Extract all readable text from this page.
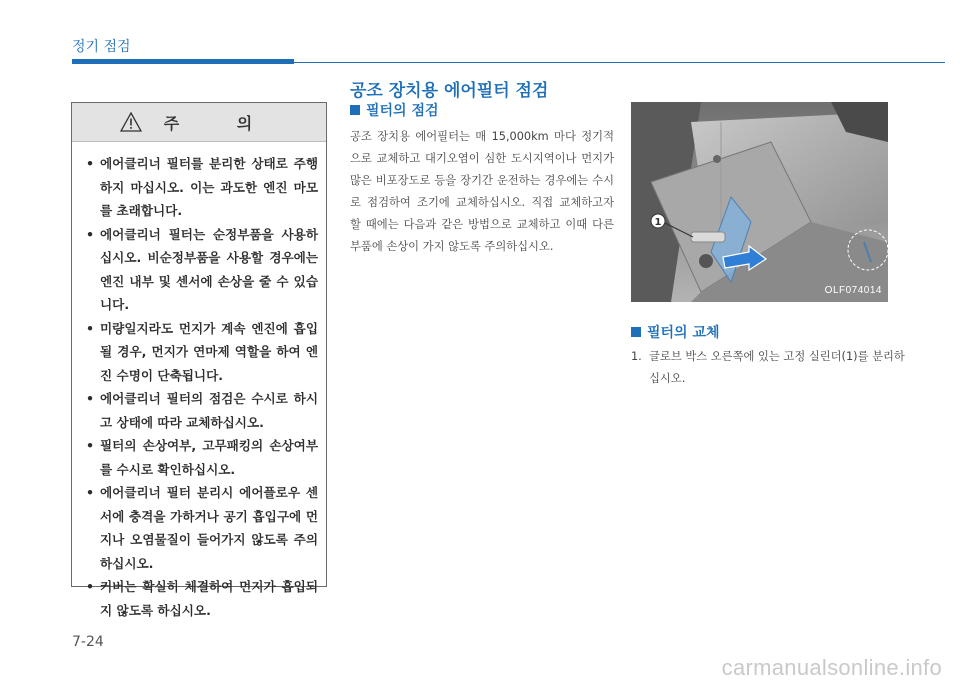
정기 점검
주 의
• 에어클리너 필터를 분리한 상태로 주행하지 마십시오. 이는 과도한 엔진 마모를 초래합니다.
• 에어클리너 필터는 순정부품을 사용하십시오. 비순정부품을 사용할 경우에는 엔진 내부 및 센서에 손상을 줄 수 있습니다.
• 미량일지라도 먼지가 계속 엔진에 흡입될 경우, 먼지가 연마제 역할을 하여 엔진 수명이 단축됩니다.
• 에어클리너 필터의 점검은 수시로 하시고 상태에 따라 교체하십시오.
• 필터의 손상여부, 고무패킹의 손상여부를 수시로 확인하십시오.
• 에어클리너 필터 분리시 에어플로우 센서에 충격을 가하거나 공기 흡입구에 먼지나 오염물질이 들어가지 않도록 주의하십시오.
• 커버는 확실히 체결하여 먼지가 흡입되지 않도록 하십시오.
공조 장치용 에어필터 점검
필터의 점검

공조 장치용 에어필터는 매 15,000km 마다 정기적으로 교체하고 대기오염이 심한 도시지역이나 먼지가 많은 비포장도로 등을 장기간 운전하는 경우에는 수시로 점검하여 조기에 교체하십시오. 직접 교체하고자 할 때에는 다음과 같은 방법으로 교체하고 이때 다른 부품에 손상이 가지 않도록 주의하십시오.

1
OLF074014
필터의 교체
1. 글로브 박스 오른쪽에 있는 고정 실린더(1)를 분리하십시오.
7-24
carmanualsonline.info
